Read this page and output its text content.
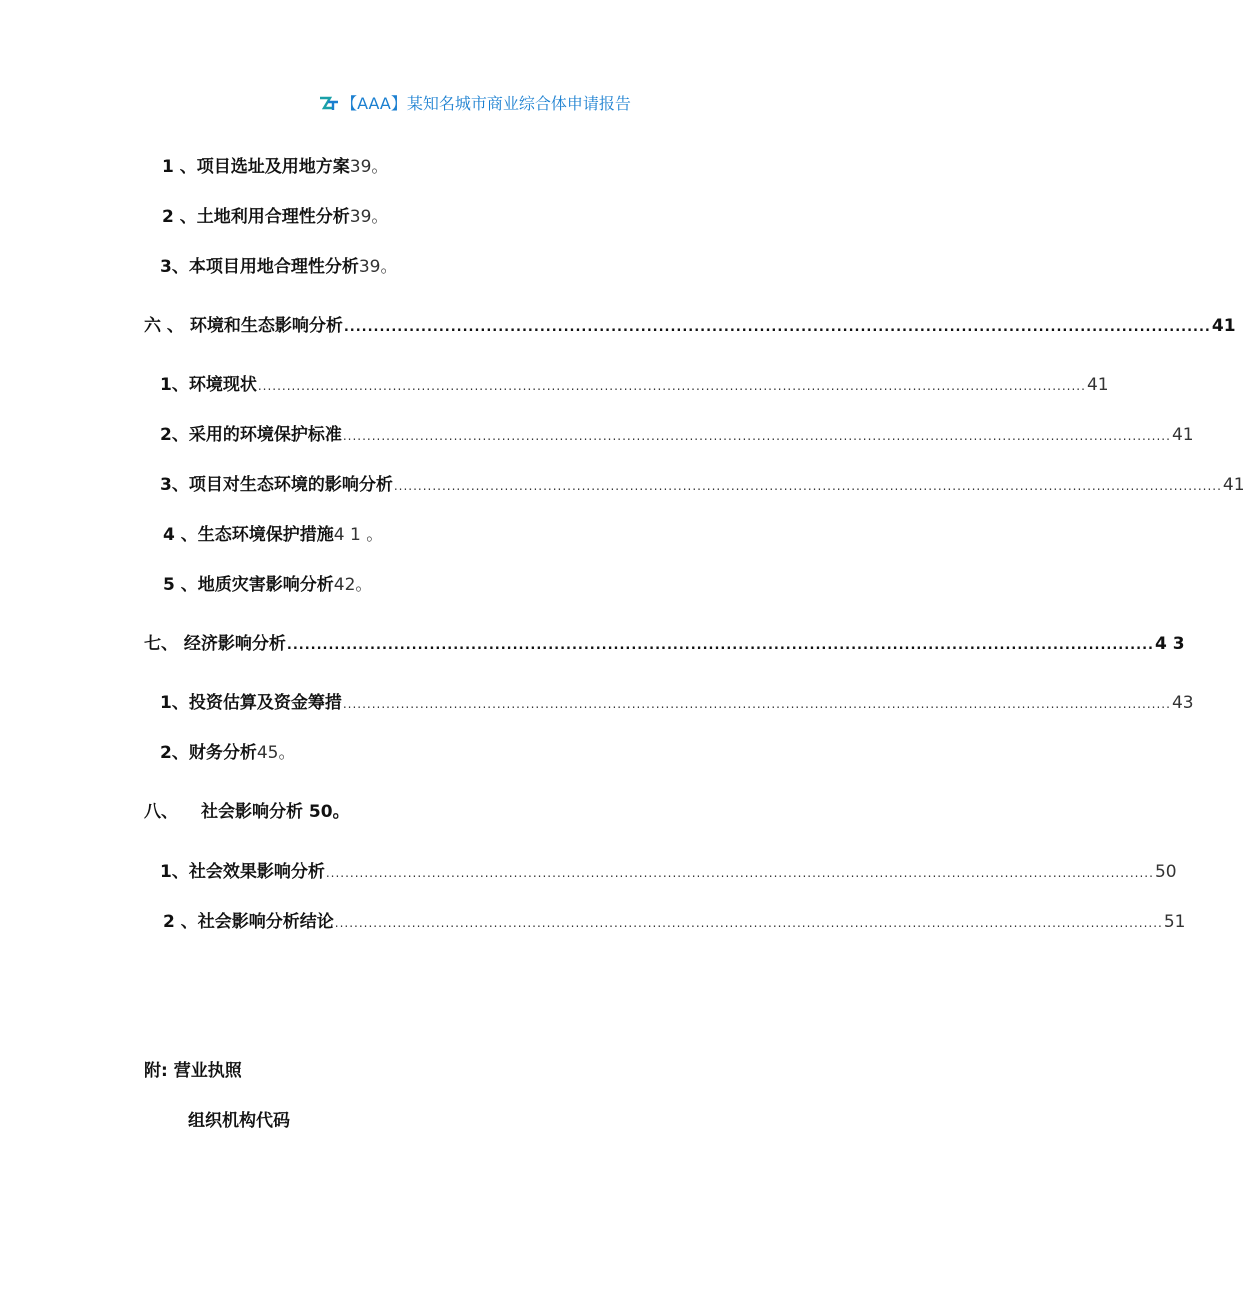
【AAA】某知名城市商业综合体申请报告
1 、项目选址及用地方案 39。
2 、土地利用合理性分析 39。
3、本项目用地合理性分析 39。
六 、 环境和生态影响分析 .................................................................................................................................................. 41
1、环境现状 ............................................................................................................................................................................ 41
2、采用的环境保护标准 ............................................................................................................................................................................ 41
3、项目对生态环境的影响分析 ............................................................................................................................................................................ 41
4 、生态环境保护措施 4 1 。
5 、地质灾害影响分析 42。
七、 经济影响分析 .................................................................................................................................................. 4 3
1、投资估算及资金筹措 ............................................................................................................................................................................ 43
2、财务分析 45。
八、 社会影响分析 50。
1、社会效果影响分析 ............................................................................................................................................................................ 50
2 、社会影响分析结论 ............................................................................................................................................................................ 51
附: 营业执照
组织机构代码
